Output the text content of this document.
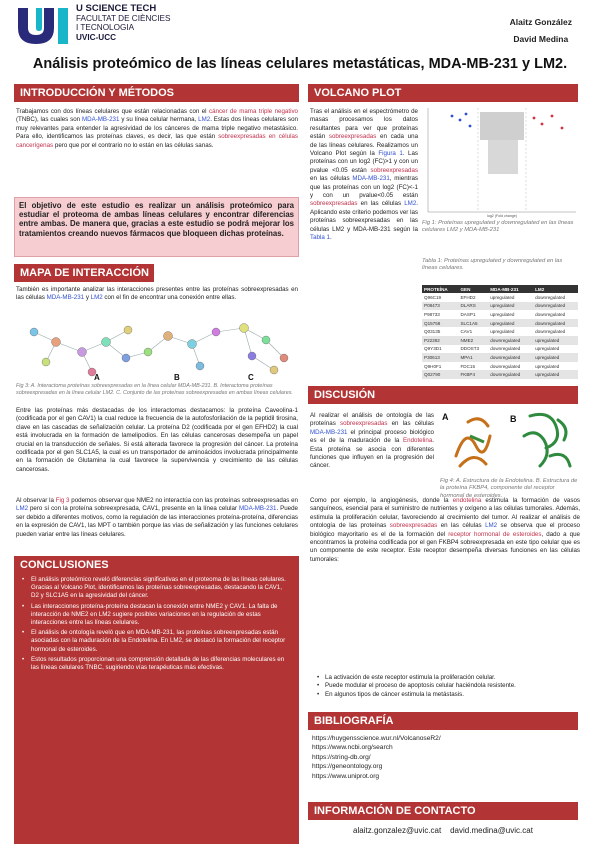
U SCIENCE TECH
FACULTAT DE CIÈNCIES
I TECNOLOGIA
UVIC-UCC
Alaitz González
David Medina
Análisis proteómico de las líneas celulares metastáticas, MDA-MB-231 y LM2.
INTRODUCCIÓN Y MÉTODOS
Trabajamos con dos líneas celulares que están relacionadas con el cáncer de mama triple negativo (TNBC), las cuales son MDA-MB-231 y su línea celular hermana, LM2. Estas dos líneas celulares son muy relevantes para entender la agresividad de los cánceres de mama triple negativo metastásico. Para ello, identificamos las proteínas claves, es decir, las que están sobreexpresadas en células cancerígenas pero que por el contrario no lo están en las células sanas.
El objetivo de este estudio es realizar un análisis proteómico para estudiar el proteoma de ambas líneas celulares y encontrar diferencias entre ambas. De manera que, gracias a este estudio se podrá mejorar los tratamientos creando nuevos fármacos que bloqueen dichas proteínas.
MAPA DE INTERACCIÓN
También es importante analizar las interacciones presentes entre las proteínas sobreexpresadas en las células MDA-MB-231 y LM2 con el fin de encontrar una conexión entre ellas.
A	B	C
Fig 3: A. Interactoma proteínas sobreexpresadas en la línea celular MDA-MB-231. B. Interactoma proteínas sobreexpresadas en la línea celular LM2. C. Conjunto de las proteínas sobreexpresadas en ambas líneas celulares.
Entre las proteínas más destacadas de los interactomas destacamos: la proteína Caveolina-1 (codificada por el gen CAV1) la cual reduce la frecuencia de la autofosforilación de la peptidil tirosina, clave en las cascadas de señalización celular. La proteína D2 (codificada por el gen EFHD2) la cual está involucrada en la formación de lamelipodios. En las células cancerosas desempeña un papel crucial en la transducción de señales. Si está alterada favorece la progresión del cáncer. La proteína codificada por el gen SLC1A5, la cual es un transportador de aminoácidos involucrada principalmente en la formación de Glutamina la cual favorece la supervivencia y crecimiento de las células cancerosas.
Al observar la Fig 3 podemos observar que NME2 no interactúa con las proteínas sobreexpresadas en LM2 pero sí con la proteína sobreexpresada, CAV1, presente en la línea celular MDA-MB-231. Puede ser debido a diferentes motivos, como la regulación de las interacciones proteína-proteína, diferencias en la expresión de CAV1, las MPT o también porque las vías de señalización y las funciones celulares pueden variar entre las líneas celulares.
CONCLUSIONES
• El análisis proteómico reveló diferencias significativas en el proteoma de las líneas celulares. Gracias al Volcano Plot, identificamos las proteínas sobreexpresadas, destacando la CAV1, D2 y SLC1A5 en la agresividad del cáncer.
• Las interacciones proteína-proteína destacan la conexión entre NME2 y CAV1. La falta de interacción de NME2 en LM2 sugiere posibles variaciones en la regulación de estas interacciones entre las líneas celulares.
• El análisis de ontología reveló que en MDA-MB-231, las proteínas sobreexpresadas están asociadas con la maduración de la Endotelina. En LM2, se destacó la formación del receptor hormonal de esteroides.
• Estos resultados proporcionan una comprensión detallada de las diferencias moleculares en las líneas celulares TNBC, sugiriendo vías terapéuticas más efectivas.
VOLCANO PLOT
Tras el análisis en el espectrómetro de masas procesamos los datos resultantes para ver que proteínas están sobreexpresadas en cada una de las líneas celulares. Realizamos un Volcano Plot según la Figura 1. Las proteínas con un log2 (FC)>1 y con un pvalue <0.05 están sobreexpresadas en las células MDA-MB-231, mientras que las proteínas con un log2 (FC)<-1 y con un pvalue<0.05 están sobreexpresadas en las células LM2. Aplicando este criterio podemos ver las proteínas sobreexpresadas en las células LM2 y MDA-MB-231 según la Tabla 1.
log2 (Fold change)
Fig 1: Proteínas upregulated y downregulated en las líneas celulares LM2 y MDA-MB-231
Tabla 1: Proteínas upregulated y downregulated en las líneas celulares.
PROTEÍNA	GEN	MDA-MB-231	LM2
Q96C19	EFHD2	upregulated	downregulated
P08473	DLARS	upregulated	downregulated
P98733	DASP1	upregulated	downregulated
Q15758	SLC1A5	upregulated	downregulated
Q03135	CAV1	upregulated	downregulated
P22392	NME2	downregulated	upregulated
Q9Y3D1	DDOST3	downregulated	upregulated
P30613	MPA1	downregulated	upregulated
Q9H0F1	FDC15	downregulated	upregulated
Q02790	FKBP4	downregulated	upregulated
DISCUSIÓN
Al realizar el análisis de ontología de las proteínas sobreexpresadas en las células MDA-MB-231 el principal proceso biológico es el de la maduración de la Endotelina. Esta proteína se asocia con diferentes funciones que influyen en la progresión del cáncer.
A	B
Fig 4: A. Estructura de la Endotelina. B. Estructura de la proteína FKBP4, componente del receptor hormonal de esteroides.
Como por ejemplo, la angiogénesis, donde la endotelina estimula la formación de vasos sanguíneos, esencial para el suministro de nutrientes y oxígeno a las células tumorales. Además, estimula la proliferación celular, favoreciendo al crecimiento del tumor. Al realizar el análisis de ontología de las proteínas sobreexpresadas en las células LM2 se observa que el proceso biológico mayoritario es el de la formación del receptor hormonal de esteroides, dado a que encontramos la proteína codificada por el gen FKBP4 sobreexpresada en este tipo celular que es un componente de este receptor. Este receptor desempeña diversas funciones en las células tumorales:
• La activación de este receptor estimula la proliferación celular.
• Puede modular el proceso de apoptosis celular haciéndola resistente.
• En algunos tipos de cáncer estimula la metástasis.
BIBLIOGRAFÍA
https://huygensscience.wur.nl/VolcanoseR2/
https://www.ncbi.org/search
https://string-db.org/
https://geneontology.org
https://www.uniprot.org
INFORMACIÓN DE CONTACTO
alaitz.gonzalez@uvic.cat    david.medina@uvic.cat
